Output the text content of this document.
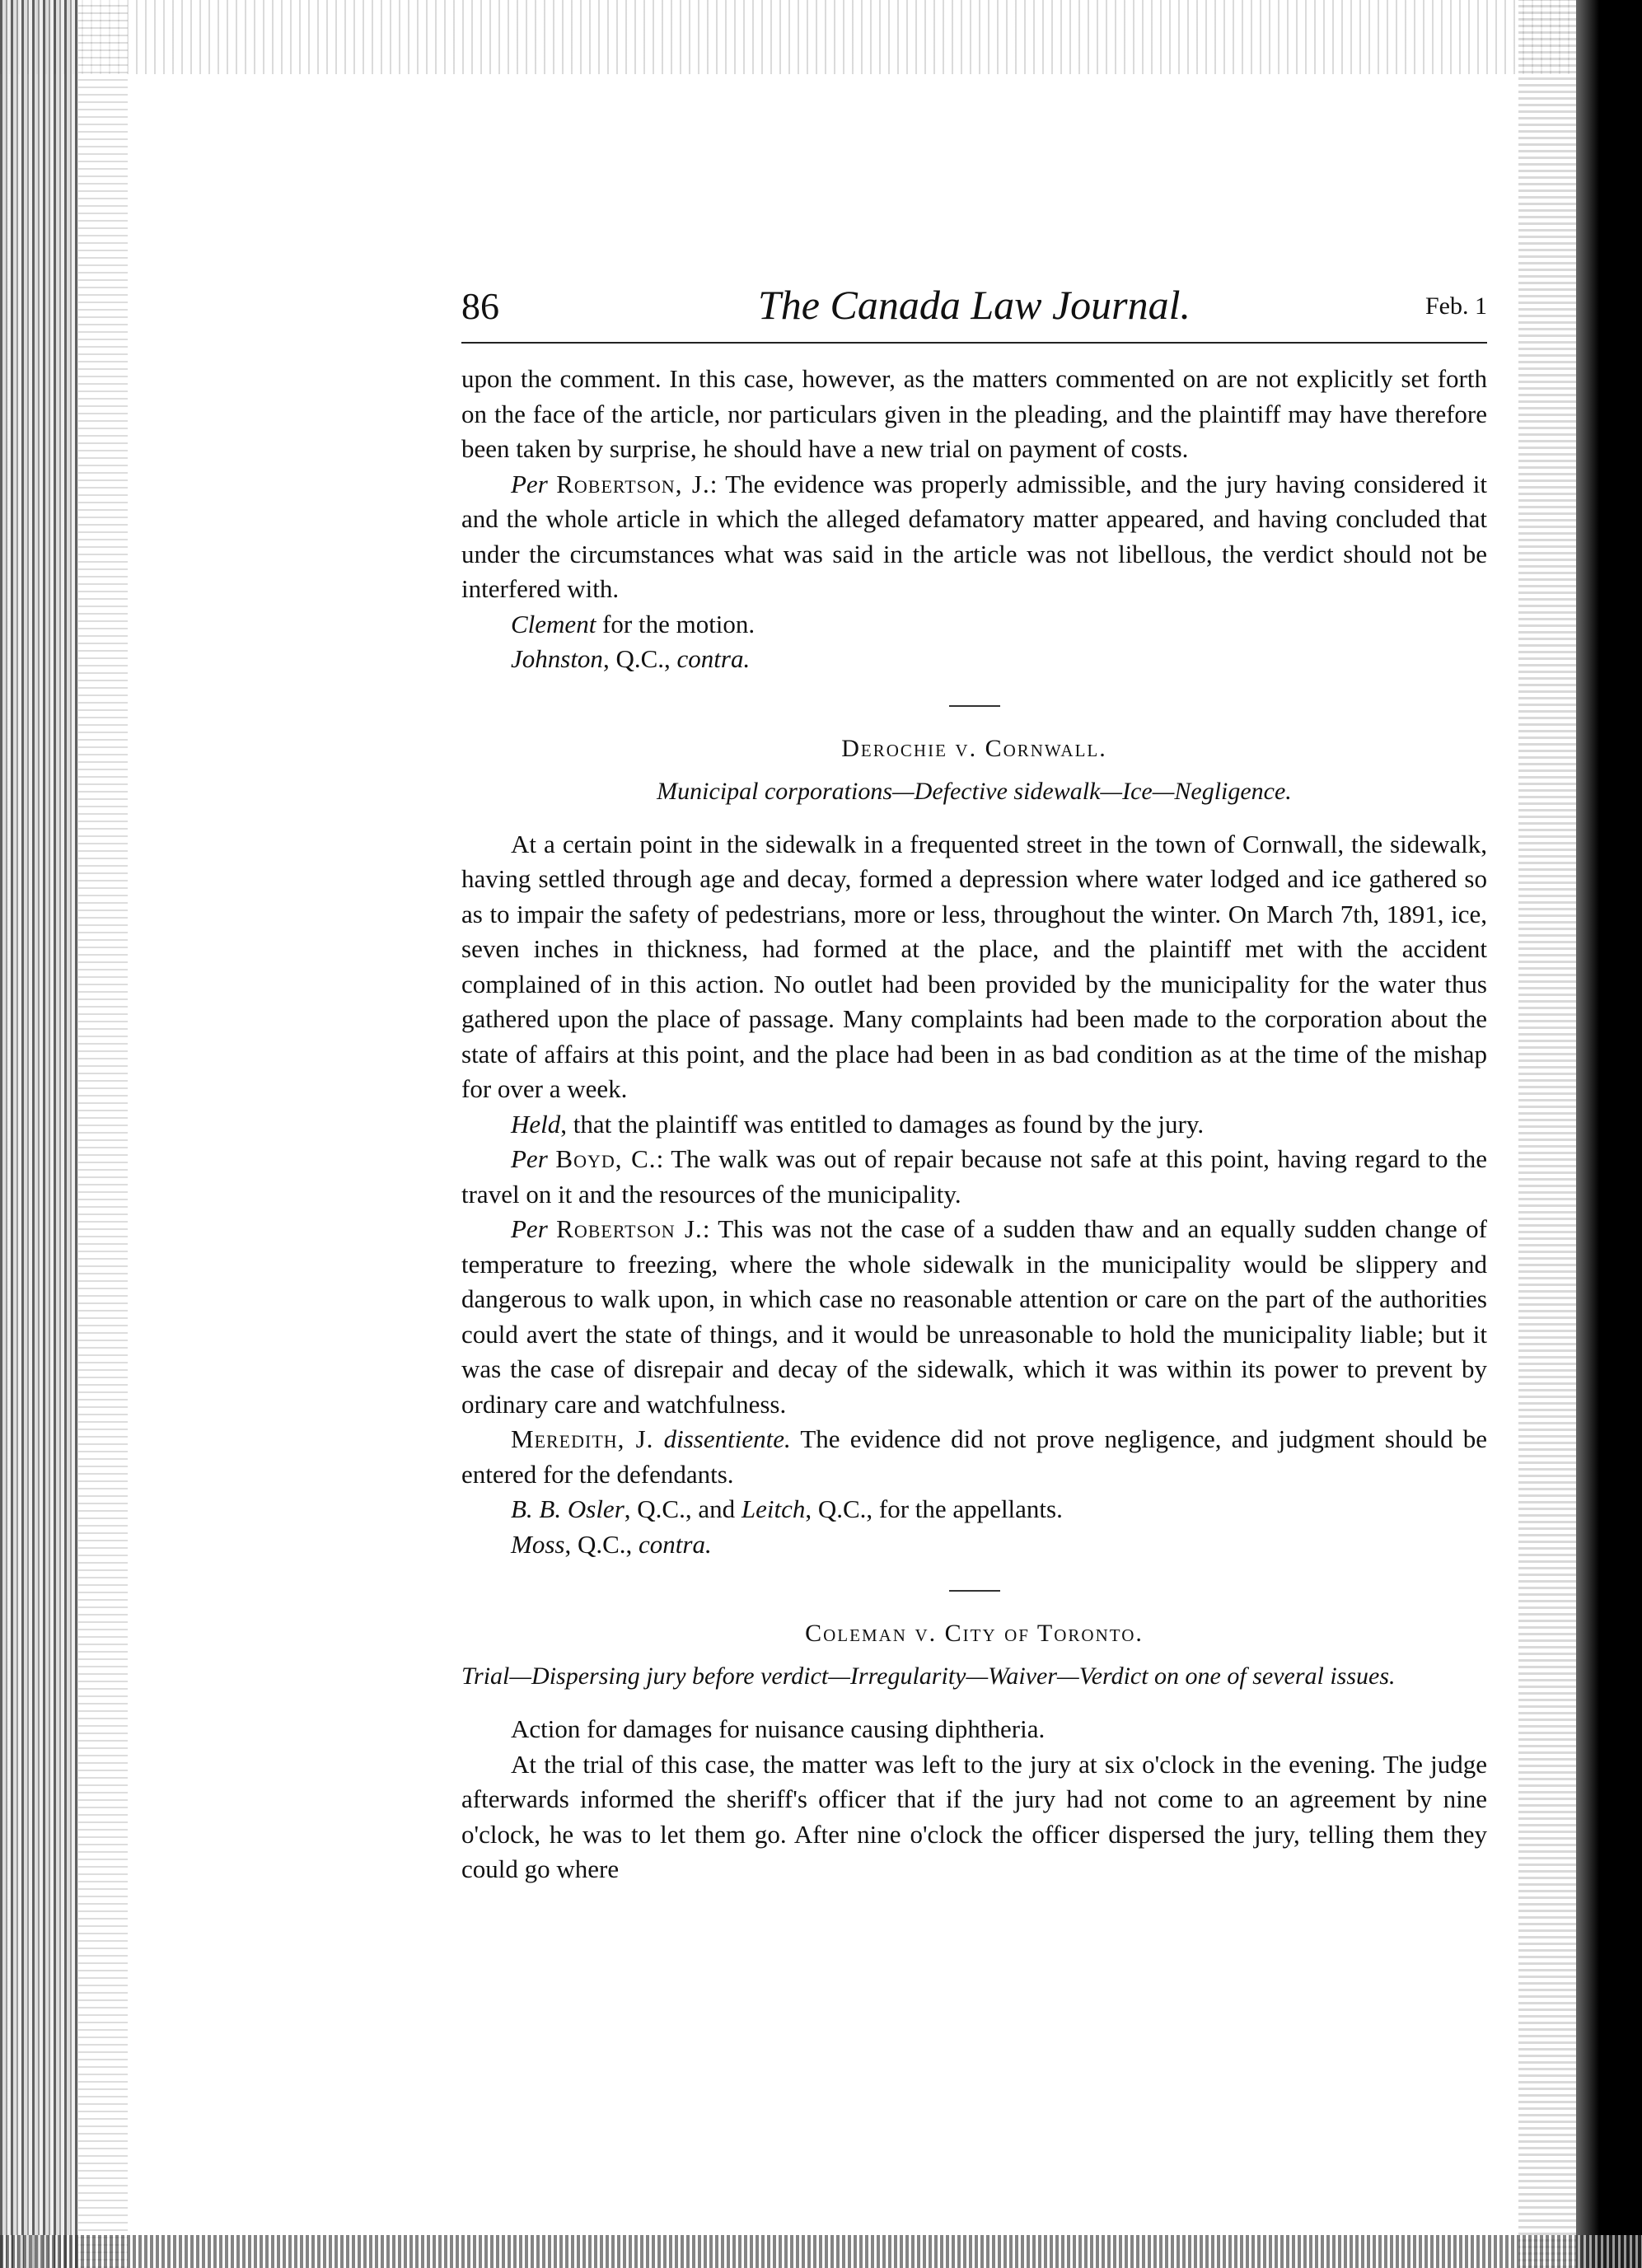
86	The Canada Law Journal.	Feb. 1

upon the comment. In this case, however, as the matters commented on are not explicitly set forth on the face of the article, nor particulars given in the pleading, and the plaintiff may have therefore been taken by surprise, he should have a new trial on payment of costs.

Per Robertson, J.: The evidence was properly admissible, and the jury having considered it and the whole article in which the alleged defamatory matter appeared, and having concluded that under the circumstances what was said in the article was not libellous, the verdict should not be interfered with.

Clement for the motion.

Johnston, Q.C., contra.

Derochie v. Cornwall.
Municipal corporations—Defective sidewalk—Ice—Negligence.

At a certain point in the sidewalk in a frequented street in the town of Cornwall, the sidewalk, having settled through age and decay, formed a depression where water lodged and ice gathered so as to impair the safety of pedestrians, more or less, throughout the winter. On March 7th, 1891, ice, seven inches in thickness, had formed at the place, and the plaintiff met with the accident complained of in this action. No outlet had been provided by the municipality for the water thus gathered upon the place of passage. Many complaints had been made to the corporation about the state of affairs at this point, and the place had been in as bad condition as at the time of the mishap for over a week.

Held, that the plaintiff was entitled to damages as found by the jury.

Per Boyd, C.: The walk was out of repair because not safe at this point, having regard to the travel on it and the resources of the municipality.

Per Robertson J.: This was not the case of a sudden thaw and an equally sudden change of temperature to freezing, where the whole sidewalk in the municipality would be slippery and dangerous to walk upon, in which case no reasonable attention or care on the part of the authorities could avert the state of things, and it would be unreasonable to hold the municipality liable; but it was the case of disrepair and decay of the sidewalk, which it was within its power to prevent by ordinary care and watchfulness.

Meredith, J. dissentiente. The evidence did not prove negligence, and judgment should be entered for the defendants.

B. B. Osler, Q.C., and Leitch, Q.C., for the appellants.

Moss, Q.C., contra.

Coleman v. City of Toronto.
Trial—Dispersing jury before verdict—Irregularity—Waiver—Verdict on one of several issues.

Action for damages for nuisance causing diphtheria.

At the trial of this case, the matter was left to the jury at six o'clock in the evening. The judge afterwards informed the sheriff's officer that if the jury had not come to an agreement by nine o'clock, he was to let them go. After nine o'clock the officer dispersed the jury, telling them they could go where
